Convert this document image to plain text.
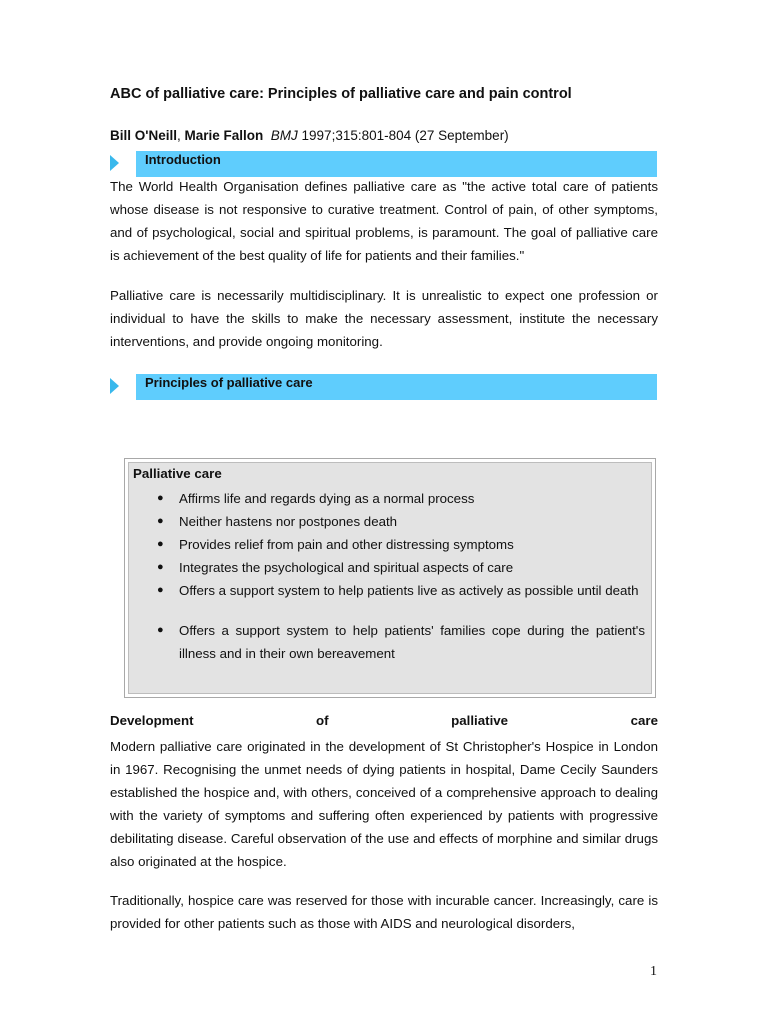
ABC of palliative care: Principles of palliative care and pain control
Bill O'Neill, Marie Fallon BMJ 1997;315:801-804 (27 September)
Introduction

The World Health Organisation defines palliative care as "the active total care of patients whose disease is not responsive to curative treatment. Control of pain, of other symptoms, and of psychological, social and spiritual problems, is paramount. The goal of palliative care is achievement of the best quality of life for patients and their families."

Palliative care is necessarily multidisciplinary. It is unrealistic to expect one profession or individual to have the skills to make the necessary assessment, institute the necessary interventions, and provide ongoing monitoring.

Principles of palliative care
Palliative care
● Affirms life and regards dying as a normal process
● Neither hastens nor postpones death
● Provides relief from pain and other distressing symptoms
● Integrates the psychological and spiritual aspects of care
● Offers a support system to help patients live as actively as possible until death
● Offers a support system to help patients' families cope during the patient's illness and in their own bereavement
Development	of	palliative	care

Modern palliative care originated in the development of St Christopher's Hospice in London in 1967. Recognising the unmet needs of dying patients in hospital, Dame Cecily Saunders established the hospice and, with others, conceived of a comprehensive approach to dealing with the variety of symptoms and suffering often experienced by patients with progressive debilitating disease. Careful observation of the use and effects of morphine and similar drugs also originated at the hospice.

Traditionally, hospice care was reserved for those with incurable cancer. Increasingly, care is provided for other patients such as those with AIDS and neurological disorders,

1
